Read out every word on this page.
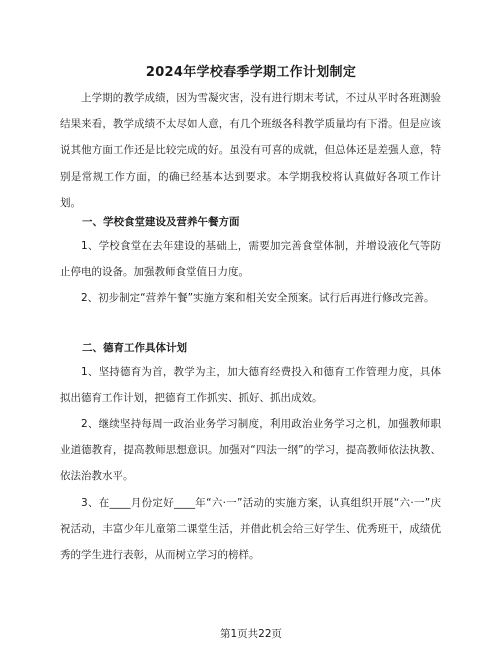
2024年学校春季学期工作计划制定

上学期的教学成绩，因为雪凝灾害，没有进行期末考试，不过从平时各班测验结果来看，教学成绩不太尽如人意，有几个班级各科教学质量均有下滑。但是应该说其他方面工作还是比较完成的好。虽没有可喜的成就，但总体还是差强人意，特别是常规工作方面，的确已经基本达到要求。本学期我校将认真做好各项工作计划。

一、学校食堂建设及营养午餐方面

1、学校食堂在去年建设的基础上，需要加完善食堂体制，并增设液化气等防止停电的设备。加强教师食堂值日力度。

2、初步制定“营养午餐”实施方案和相关安全预案。试行后再进行修改完善。

二、德育工作具体计划

1、坚持德育为首，教学为主，加大德育经费投入和德育工作管理力度，具体拟出德育工作计划，把德育工作抓实、抓好、抓出成效。

2、继续坚持每周一政治业务学习制度，利用政治业务学习之机，加强教师职业道德教育，提高教师思想意识。加强对“四法一纲”的学习，提高教师依法执教、依法治教水平。

3、在____月份定好____年“六·一”活动的实施方案，认真组织开展“六·一”庆祝活动，丰富少年儿童第二课堂生活，并借此机会给三好学生、优秀班干，成绩优秀的学生进行表彰，从而树立学习的榜样。

第1页共22页
